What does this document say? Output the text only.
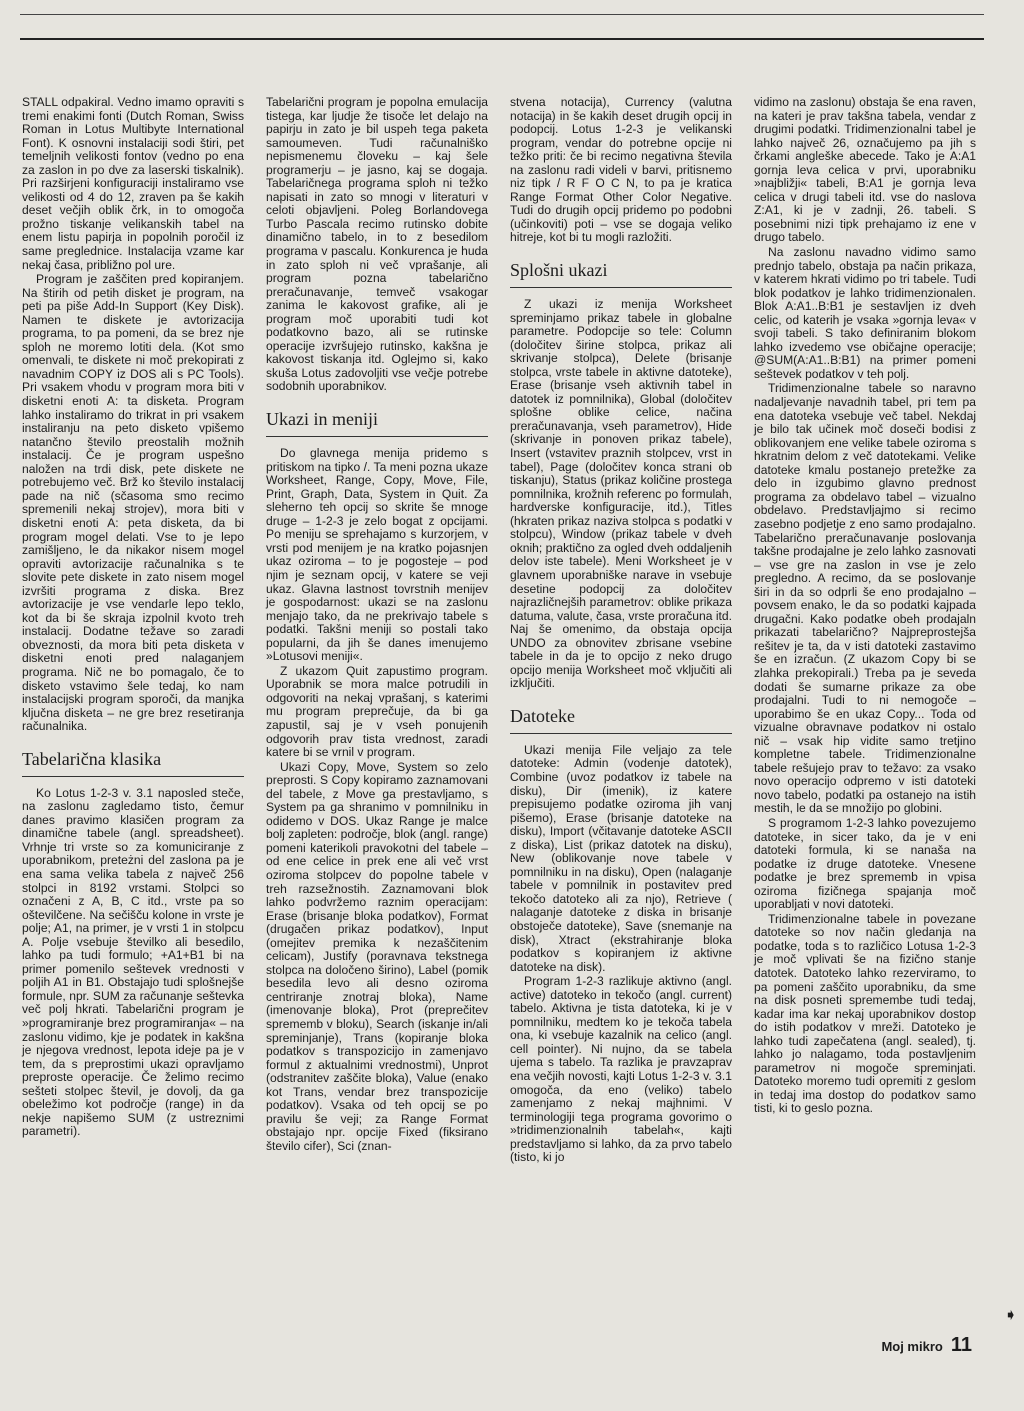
STALL odpakiral. Vedno imamo opraviti s tremi enakimi fonti (Dutch Roman, Swiss Roman in Lotus Multibyte International Font). K osnovni instalaciji sodi štiri, pet temeljnih velikosti fontov (vedno po ena za zaslon in po dve za laserski tiskalnik). Pri razširjeni konfiguraciji instaliramo vse velikosti od 4 do 12, zraven pa še kakih deset večjih oblik črk, in to omogoča prožno tiskanje velikanskih tabel na enem listu papirja in popolnih poročil iz same preglednice. Instalacija vzame kar nekaj časa, približno pol ure.

Program je zaščiten pred kopiranjem. Na štirih od petih disket je program, na peti pa piše Add-In Support (Key Disk). Namen te diskete je avtorizacija programa, to pa pomeni, da se brez nje sploh ne moremo lotiti dela. (Kot smo omenvali, te diskete ni moč prekopirati z navadnim COPY iz DOS ali s PC Tools). Pri vsakem vhodu v program mora biti v disketni enoti A: ta disketa. Program lahko instaliramo do trikrat in pri vsakem instaliranju na peto disketo vpišemo natančno število preostalih možnih instalacij. Če je program uspešno naložen na trdi disk, pete diskete ne potrebujemo več. Brž ko število instalacij pade na nič (sčasoma smo recimo spremenili nekaj strojev), mora biti v disketni enoti A: peta disketa, da bi program mogel delati. Vse to je lepo zamišljeno, le da nikakor nisem mogel opraviti avtorizacije računalnika s te slovite pete diskete in zato nisem mogel izvršiti programa z diska. Brez avtorizacije je vse vendarle lepo teklo, kot da bi še skraja izpolnil kvoto treh instalacij. Dodatne težave so zaradi obveznosti, da mora biti peta disketa v disketni enoti pred nalaganjem programa. Nič ne bo pomagalo, če to disketo vstavimo šele tedaj, ko nam instalacijski program sporoči, da manjka ključna disketa – ne gre brez resetiranja računalnika.

Tabelarična klasika

Ko Lotus 1-2-3 v. 3.1 naposled steče, na zaslonu zagledamo tisto, čemur danes pravimo klasičen program za dinamične tabele (angl. spreadsheet). Vrhnje tri vrste so za komuniciranje z uporabnikom, preteżni del zaslona pa je ena sama velika tabela z največ 256 stolpci in 8192 vrstami. Stolpci so označeni z A, B, C itd., vrste pa so oštevilčene. Na sečišču kolone in vrste je polje; A1, na primer, je v vrsti 1 in stolpcu A. Polje vsebuje številko ali besedilo, lahko pa tudi formulo; +A1+B1 bi na primer pomenilo seštevek vrednosti v poljih A1 in B1. Obstajajo tudi splošnejše formule, npr. SUM za računanje seštevka več polj hkrati. Tabelarični program je »programiranje brez programiranja« – na zaslonu vidimo, kje je podatek in kakšna je njegova vrednost, lepota ideje pa je v tem, da s preprostimi ukazi opravljamo preproste operacije. Če želimo recimo sešteti stolpec števil, je dovolj, da ga obeležimo kot področje (range) in da nekje napišemo SUM (z ustreznimi parametri).

Tabelarični program je popolna emulacija tistega, kar ljudje že tisoče let delajo na papirju in zato je bil uspeh tega paketa samoumeven. Tudi računalniško nepismenemu človeku – kaj šele programerju – je jasno, kaj se dogaja. Tabelaričnega programa sploh ni težko napisati in zato so mnogi v literaturi v celoti objavljeni. Poleg Borlandovega Turbo Pascala recimo rutinsko dobite dinamično tabelo, in to z besedilom programa v pascalu. Konkurenca je huda in zato sploh ni več vprašanje, ali program pozna tabelarično preračunavanje, temveč vsakogar zanima le kakovost grafike, ali je program moč uporabiti tudi kot podatkovno bazo, ali se rutinske operacije izvršujejo rutinsko, kakšna je kakovost tiskanja itd. Oglejmo si, kako skuša Lotus zadovoljiti vse večje potrebe sodobnih uporabnikov.

Ukazi in meniji

Do glavnega menija pridemo s pritiskom na tipko /. Ta meni pozna ukaze Worksheet, Range, Copy, Move, File, Print, Graph, Data, System in Quit. Za sleherno teh opcij so skrite še mnoge druge – 1-2-3 je zelo bogat z opcijami. Po meniju se sprehajamo s kurzorjem, v vrsti pod menijem je na kratko pojasnjen ukaz oziroma – to je pogosteje – pod njim je seznam opcij, v katere se veji ukaz. Glavna lastnost tovrstnih menijev je gospodarnost: ukazi se na zaslonu menjajo tako, da ne prekrivajo tabele s podatki. Takšni meniji so postali tako popularni, da jih še danes imenujemo »Lotusovi meniji«.

Z ukazom Quit zapustimo program. Uporabnik se mora malce potrudili in odgovoriti na nekaj vprašanj, s katerimi mu program preprečuje, da bi ga zapustil, saj je v vseh ponujenih odgovorih prav tista vrednost, zaradi katere bi se vrnil v program.

Ukazi Copy, Move, System so zelo preprosti. S Copy kopiramo zaznamovani del tabele, z Move ga prestavljamo, s System pa ga shranimo v pomnilniku in odidemo v DOS. Ukaz Range je malce bolj zapleten: področje, blok (angl. range) pomeni katerikoli pravokotni del tabele – od ene celice in prek ene ali več vrst oziroma stolpcev do popolne tabele v treh razsežnostih. Zaznamovani blok lahko podvržemo raznim operacijam: Erase (brisanje bloka podatkov), Format (drugačen prikaz podatkov), Input (omejitev premika k nezaščitenim celicam), Justify (poravnava tekstnega stolpca na določeno širino), Label (pomik besedila levo ali desno oziroma centriranje znotraj bloka), Name (imenovanje bloka), Prot (preprečitev sprememb v bloku), Search (iskanje in/ali spreminjanje), Trans (kopiranje bloka podatkov s transpozicijo in zamenjavo formul z aktualnimi vrednostmi), Unprot (odstranitev zaščite bloka), Value (enako kot Trans, vendar brez transpozicije podatkov). Vsaka od teh opcij se po pravilu še veji; za Range Format obstajajo npr. opcije Fixed (fiksirano število cifer), Sci (znan-

stvena notacija), Currency (valutna notacija) in še kakih deset drugih opcij in podopcij. Lotus 1-2-3 je velikanski program, vendar do potrebne opcije ni težko priti: če bi recimo negativna števila na zaslonu radi videli v barvi, pritisnemo niz tipk / R F O C N, to pa je kratica Range Format Other Color Negative. Tudi do drugih opcij pridemo po podobni (učinkoviti) poti – vse se dogaja veliko hitreje, kot bi tu mogli razložiti.

Splošni ukazi

Z ukazi iz menija Worksheet spreminjamo prikaz tabele in globalne parametre. Podopcije so tele: Column (določitev širine stolpca, prikaz ali skrivanje stolpca), Delete (brisanje stolpca, vrste tabele in aktivne datoteke), Erase (brisanje vseh aktivnih tabel in datotek iz pomnilnika), Global (določitev splošne oblike celice, načina preračunavanja, vseh parametrov), Hide (skrivanje in ponoven prikaz tabele), Insert (vstavitev praznih stolpcev, vrst in tabel), Page (določitev konca strani ob tiskanju), Status (prikaz količine prostega pomnilnika, krožnih referenc po formulah, hardverske konfiguracije, itd.), Titles (hkraten prikaz naziva stolpca s podatki v stolpcu), Window (prikaz tabele v dveh oknih; praktično za ogled dveh oddaljenih delov iste tabele). Meni Worksheet je v glavnem uporabniške narave in vsebuje desetine podopcij za določitev najrazličnejših parametrov: oblike prikaza datuma, valute, časa, vrste proračuna itd. Naj še omenimo, da obstaja opcija UNDO za obnovitev zbrisane vsebine tabele in da je to opcijo z neko drugo opcijo menija Worksheet moč vključiti ali izključiti.

Datoteke

Ukazi menija File veljajo za tele datoteke: Admin (vodenje datotek), Combine (uvoz podatkov iz tabele na disku), Dir (imenik), iz katere prepisujemo podatke oziroma jih vanj pišemo), Erase (brisanje datoteke na disku), Import (včitavanje datoteke ASCII z diska), List (prikaz datotek na disku), New (oblikovanje nove tabele v pomnilniku in na disku), Open (nalaganje tabele v pomnilnik in postavitev pred tekočo datoteko ali za njo), Retrieve ( nalaganje datoteke z diska in brisanje obstoječe datoteke), Save (snemanje na disk), Xtract (ekstrahiranje bloka podatkov s kopiranjem iz aktivne datoteke na disk).

Program 1-2-3 razlikuje aktivno (angl. active) datoteko in tekočo (angl. current) tabelo. Aktivna je tista datoteka, ki je v pomnilniku, medtem ko je tekoča tabela ona, ki vsebuje kazalnik na celico (angl. cell pointer). Ni nujno, da se tabela ujema s tabelo. Ta razlika je pravzaprav ena večjih novosti, kajti Lotus 1-2-3 v. 3.1 omogoča, da eno (veliko) tabelo zamenjamo z nekaj majhnimi. V terminologiji tega programa govorimo o »tridimenzionalnih tabelah«, kajti predstavljamo si lahko, da za prvo tabelo (tisto, ki jo

vidimo na zaslonu) obstaja še ena raven, na kateri je prav takšna tabela, vendar z drugimi podatki. Tridimenzionalni tabel je lahko največ 26, označujemo pa jih s črkami angleške abecede. Tako je A:A1 gornja leva celica v prvi, uporabniku »najbližji« tabeli, B:A1 je gornja leva celica v drugi tabeli itd. vse do naslova Z:A1, ki je v zadnji, 26. tabeli. S posebnimi nizi tipk prehajamo iz ene v drugo tabelo.

Na zaslonu navadno vidimo samo prednjo tabelo, obstaja pa način prikaza, v katerem hkrati vidimo po tri tabele. Tudi blok podatkov je lahko tridimenzionalen. Blok A:A1..B:B1 je sestavljen iz dveh celic, od katerih je vsaka »gornja leva« v svoji tabeli. S tako definiranim blokom lahko izvedemo vse običajne operacije; @SUM(A:A1..B:B1) na primer pomeni seštevek podatkov v teh polj.

Tridimenzionalne tabele so naravno nadaljevanje navadnih tabel, pri tem pa ena datoteka vsebuje več tabel. Nekdaj je bilo tak učinek moč doseči bodisi z oblikovanjem ene velike tabele oziroma s hkratnim delom z več datotekami. Velike datoteke kmalu postanejo pretežke za delo in izgubimo glavno prednost programa za obdelavo tabel – vizualno obdelavo. Predstavljajmo si recimo zasebno podjetje z eno samo prodajalno. Tabelarično preračunavanje poslovanja takšne prodajalne je zelo lahko zasnovati – vse gre na zaslon in vse je zelo pregledno. A recimo, da se poslovanje širi in da so odprli še eno prodajalno – povsem enako, le da so podatki kajpada drugačni. Kako podatke obeh prodajaln prikazati tabelarično? Najpreprostejša rešitev je ta, da v isti datoteki zastavimo še en izračun. (Z ukazom Copy bi se zlahka prekopirali.) Treba pa je seveda dodati še sumarne prikaze za obe prodajalni. Tudi to ni nemogoče – uporabimo še en ukaz Copy... Toda od vizualne obravnave podatkov ni ostalo nič – vsak hip vidite samo tretjino kompletne tabele. Tridimenzionalne tabele rešujejo prav to težavo: za vsako novo operacijo odpremo v isti datoteki novo tabelo, podatki pa ostanejo na istih mestih, le da se množijo po globini.

S programom 1-2-3 lahko povezujemo datoteke, in sicer tako, da je v eni datoteki formula, ki se nanaša na podatke iz druge datoteke. Vnesene podatke je brez sprememb in vpisa oziroma fizičnega spajanja moč uporabljati v novi datoteki.

Tridimenzionalne tabele in povezane datoteke so nov način gledanja na podatke, toda s to različico Lotusa 1-2-3 je moč vplivati še na fizično stanje datotek. Datoteko lahko rezerviramo, to pa pomeni zaščito uporabniku, da sme na disk posneti spremembe tudi tedaj, kadar ima kar nekaj uporabnikov dostop do istih podatkov v mreži. Datoteko je lahko tudi zapečatena (angl. sealed), tj. lahko jo nalagamo, toda postavljenim parametrov ni mogoče spreminjati. Datoteko moremo tudi opremiti z geslom in tedaj ima dostop do podatkov samo tisti, ki to geslo pozna.

➧
Moj mikro 11
